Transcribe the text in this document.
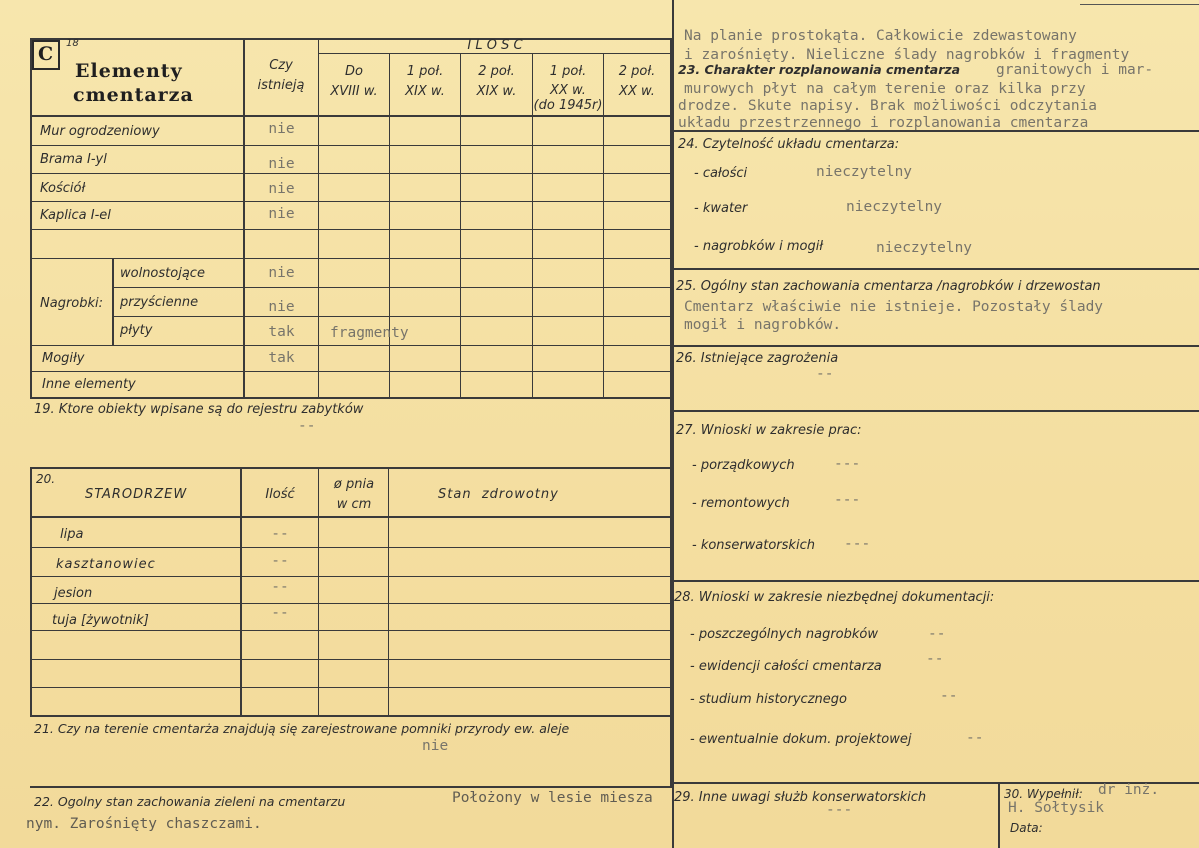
C	18
Elementy
cmentarza
Czy
istnieją
I L O S C
Do
XVIII w.
1 poł.
XIX w.
2 poł.
XIX w.
1 poł.
XX w.
(do 1945r)
2 poł.
XX w.
Mur ogrodzeniowy	nie
Brama I-yl	nie
Kościół	nie
Kaplica I-el	nie
Nagrobki:
wolnostojące	nie
przyścienne	nie
płyty	tak	fragmenty
Mogiły	tak
Inne elementy
19. Ktore obiekty wpisane są do rejestru zabytków
--
20.
STARODRZEW	Ilość
ø pnia
w cm
Stan  zdrowotny
lipa	--
kasztanowiec	--
jesion	--
tuja [żywotnik]	--
21. Czy na terenie cmentarża znajdują się zarejestrowane pomniki przyrody ew. aleje
nie
22. Ogolny stan zachowania zieleni na cmentarzu	Położony w lesie miesza
nym. Zarośnięty chaszczami.
Na planie prostokąta. Całkowicie zdewastowany
i zarośnięty. Nieliczne ślady nagrobków i fragmenty
23. Charakter rozplanowania cmentarza granitowych i mar-
murowych płyt na całym terenie oraz kilka przy
drodze. Skute napisy. Brak możliwości odczytania
układu przestrzennego i rozplanowania cmentarza
24. Czytelność układu cmentarza:
- całości	nieczytelny
- kwater	nieczytelny
- nagrobków i mogił	nieczytelny
25. Ogólny stan zachowania cmentarza /nagrobków i drzewostan
Cmentarz właściwie nie istnieje. Pozostały ślady
mogił i nagrobków.
26. Istniejące zagrożenia
--
27. Wnioski w zakresie prac:
- porządkowych	---
- remontowych	---
- konserwatorskich ---
28. Wnioski w zakresie niezbędnej dokumentacji:
- poszczególnych nagrobków	--
- ewidencji całości cmentarza	--
- studium historycznego	--
- ewentualnie dokum. projektowej	--
29. Inne uwagi służb konserwatorskich
---
30. Wypełnił: dr inż.
H. Sołtysik
Data:
